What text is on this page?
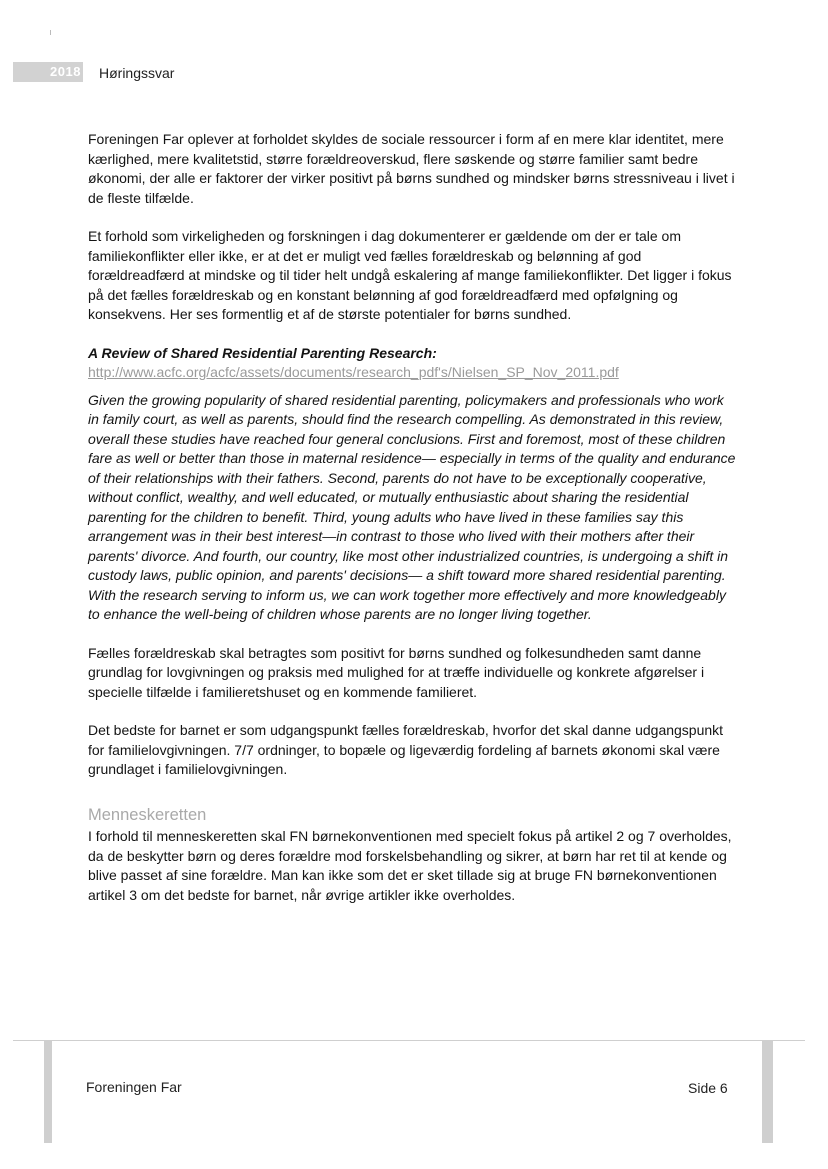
2018 Høringssvar

Foreningen Far oplever at forholdet skyldes de sociale ressourcer i form af en mere klar identitet, mere kærlighed, mere kvalitetstid, større forældreoverskud, flere søskende og større familier samt bedre økonomi, der alle er faktorer der virker positivt på børns sundhed og mindsker børns stressniveau i livet i de fleste tilfælde.

Et forhold som virkeligheden og forskningen i dag dokumenterer er gældende om der er tale om familiekonflikter eller ikke, er at det er muligt ved fælles forældreskab og belønning af god forældreadfærd at mindske og til tider helt undgå eskalering af mange familiekonflikter. Det ligger i fokus på det fælles forældreskab og en konstant belønning af god forældreadfærd med opfølgning og konsekvens. Her ses formentlig et af de største potentialer for børns sundhed.

A Review of Shared Residential Parenting Research:

http://www.acfc.org/acfc/assets/documents/research_pdf's/Nielsen_SP_Nov_2011.pdf

Given the growing popularity of shared residential parenting, policymakers and professionals who work in family court, as well as parents, should find the research compelling. As demonstrated in this review, overall these studies have reached four general conclusions. First and foremost, most of these children fare as well or better than those in maternal residence— especially in terms of the quality and endurance of their relationships with their fathers. Second, parents do not have to be exceptionally cooperative, without conflict, wealthy, and well educated, or mutually enthusiastic about sharing the residential parenting for the children to benefit. Third, young adults who have lived in these families say this arrangement was in their best interest—in contrast to those who lived with their mothers after their parents' divorce. And fourth, our country, like most other industrialized countries, is undergoing a shift in custody laws, public opinion, and parents' decisions— a shift toward more shared residential parenting. With the research serving to inform us, we can work together more effectively and more knowledgeably to enhance the well-being of children whose parents are no longer living together.

Fælles forældreskab skal betragtes som positivt for børns sundhed og folkesundheden samt danne grundlag for lovgivningen og praksis med mulighed for at træffe individuelle og konkrete afgørelser i specielle tilfælde i familieretshuset og en kommende familieret.

Det bedste for barnet er som udgangspunkt fælles forældreskab, hvorfor det skal danne udgangspunkt for familielovgivningen. 7/7 ordninger, to bopæle og ligeværdig fordeling af barnets økonomi skal være grundlaget i familielovgivningen.

Menneskeretten

I forhold til menneskeretten skal FN børnekonventionen med specielt fokus på artikel 2 og 7 overholdes, da de beskytter børn og deres forældre mod forskelsbehandling og sikrer, at børn har ret til at kende og blive passet af sine forældre. Man kan ikke som det er sket tillade sig at bruge FN børnekonventionen artikel 3 om det bedste for barnet, når øvrige artikler ikke overholdes.

Foreningen Far	Side 6
